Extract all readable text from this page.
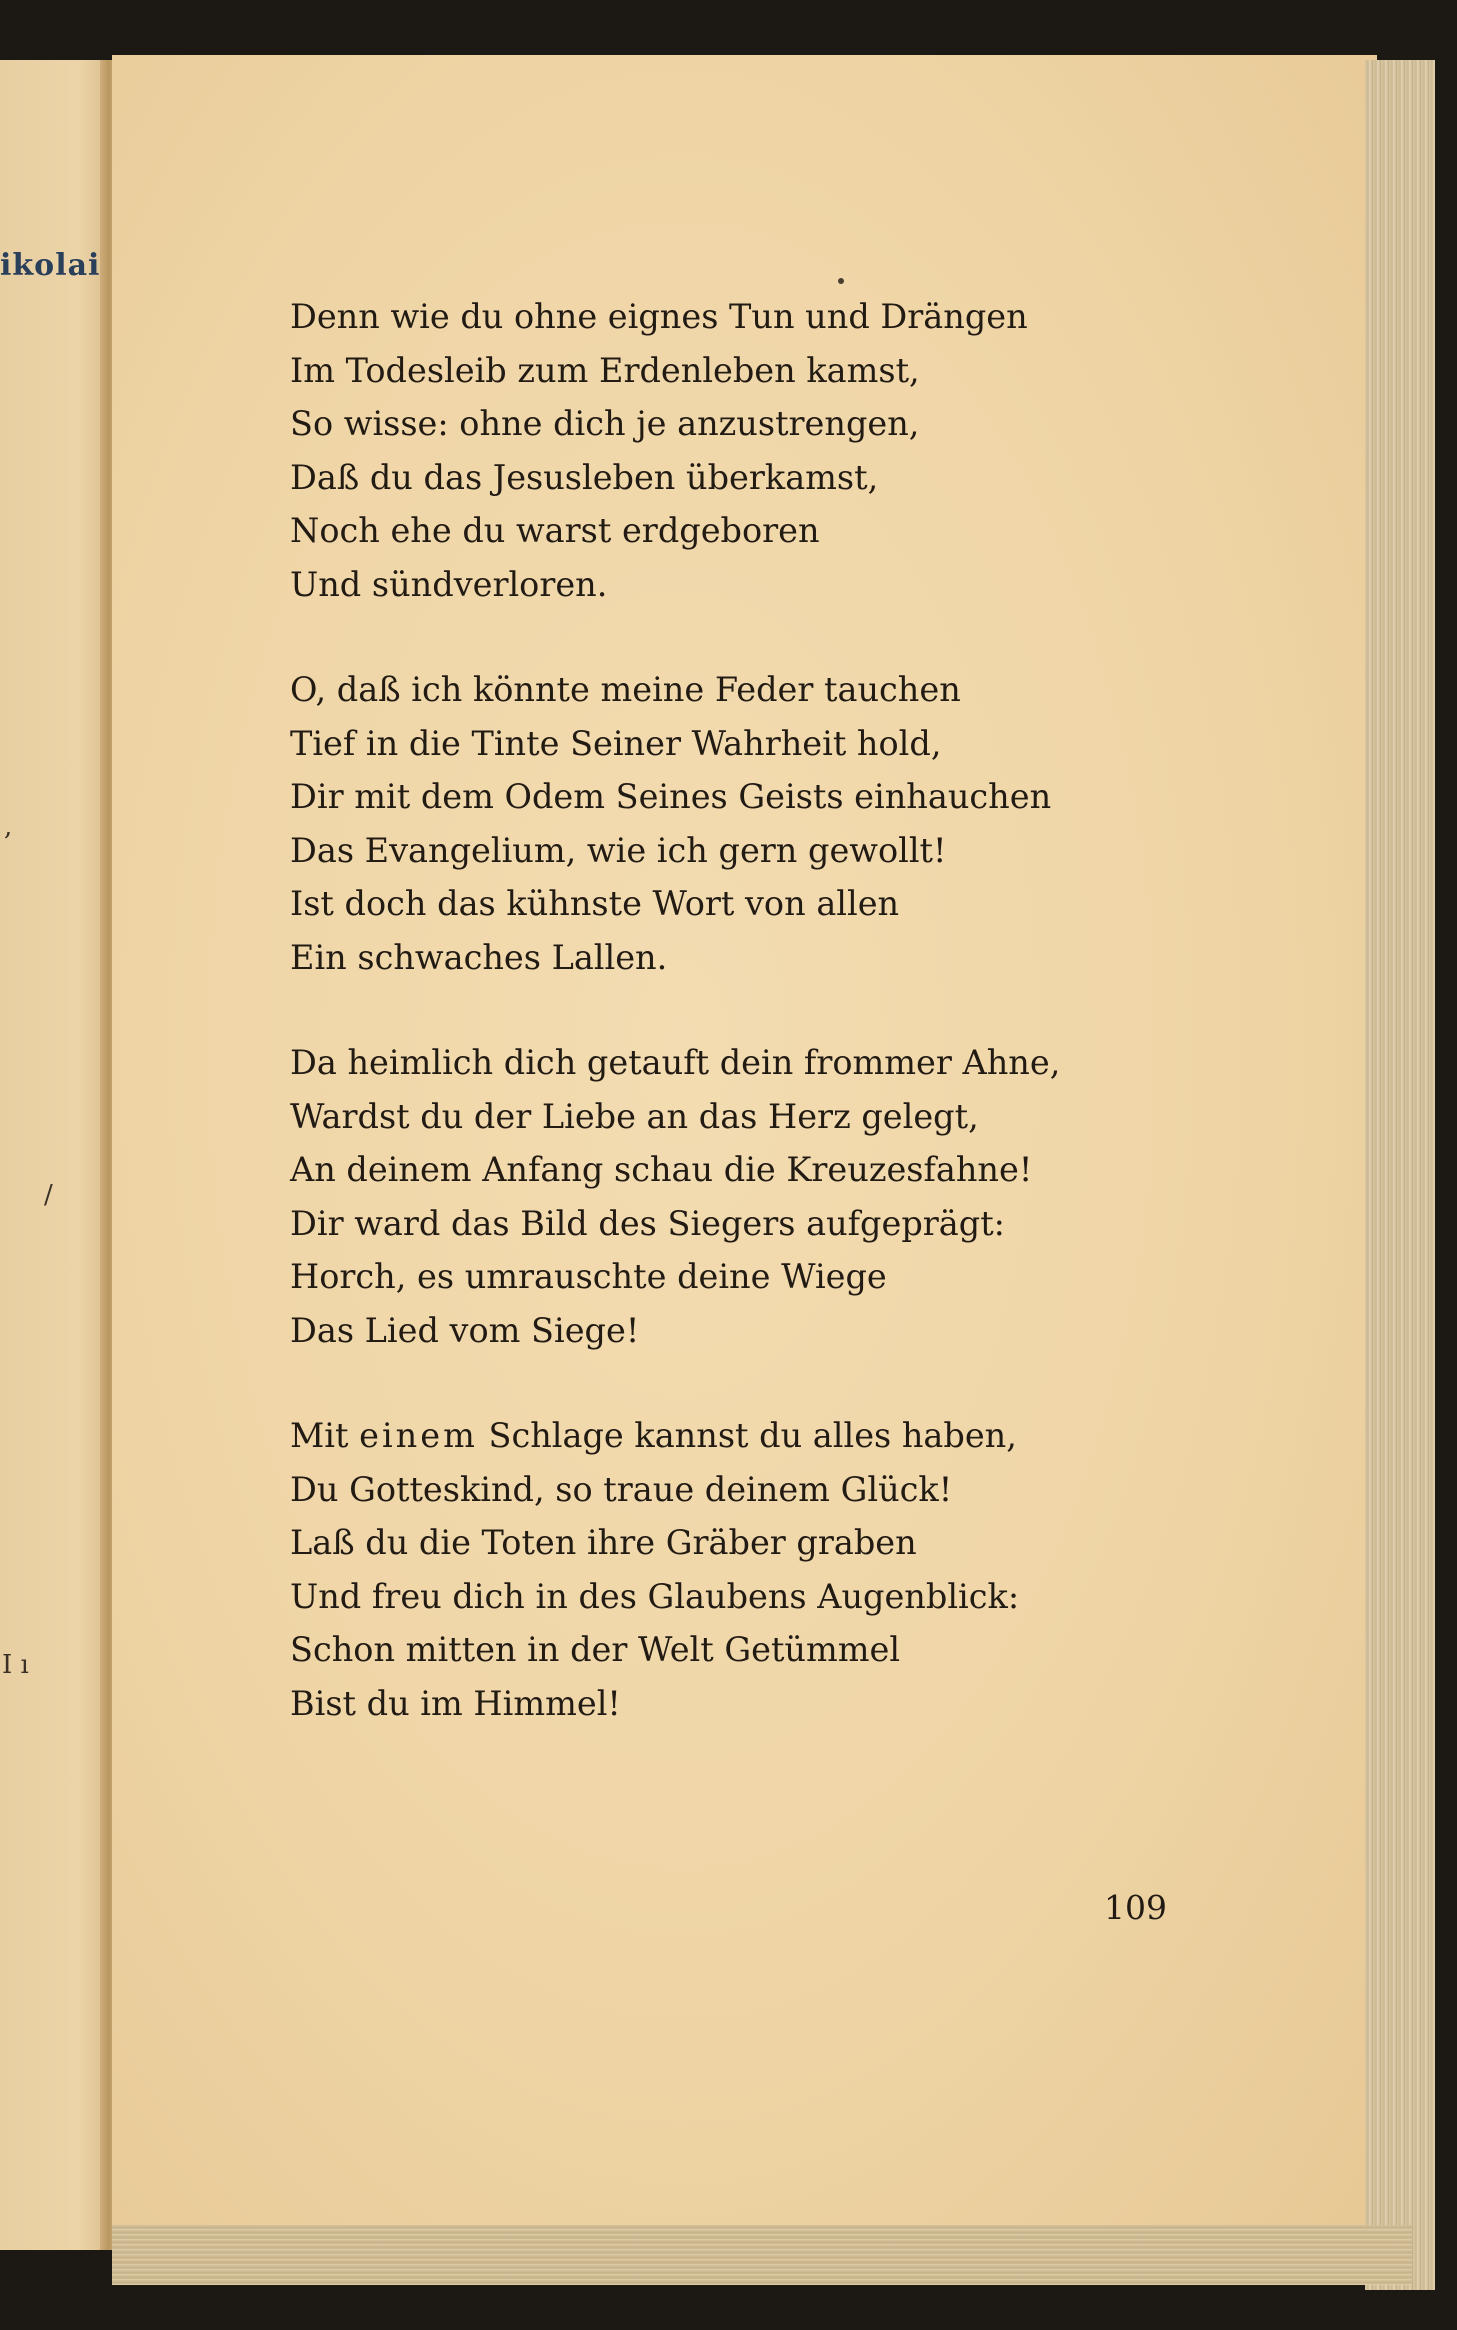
ikolai
,
/
I ı
Denn wie du ohne eignes Tun und Drängen
Im Todesleib zum Erdenleben kamst,
So wisse: ohne dich je anzustrengen,
Daß du das Jesusleben überkamst,
Noch ehe du warst erdgeboren
Und sündverloren.
O, daß ich könnte meine Feder tauchen
Tief in die Tinte Seiner Wahrheit hold,
Dir mit dem Odem Seines Geists einhauchen
Das Evangelium, wie ich gern gewollt!
Ist doch das kühnste Wort von allen
Ein schwaches Lallen.
Da heimlich dich getauft dein frommer Ahne,
Wardst du der Liebe an das Herz gelegt,
An deinem Anfang schau die Kreuzesfahne!
Dir ward das Bild des Siegers aufgeprägt:
Horch, es umrauschte deine Wiege
Das Lied vom Siege!
Mit einem Schlage kannst du alles haben,
Du Gotteskind, so traue deinem Glück!
Laß du die Toten ihre Gräber graben
Und freu dich in des Glaubens Augenblick:
Schon mitten in der Welt Getümmel
Bist du im Himmel!
109
